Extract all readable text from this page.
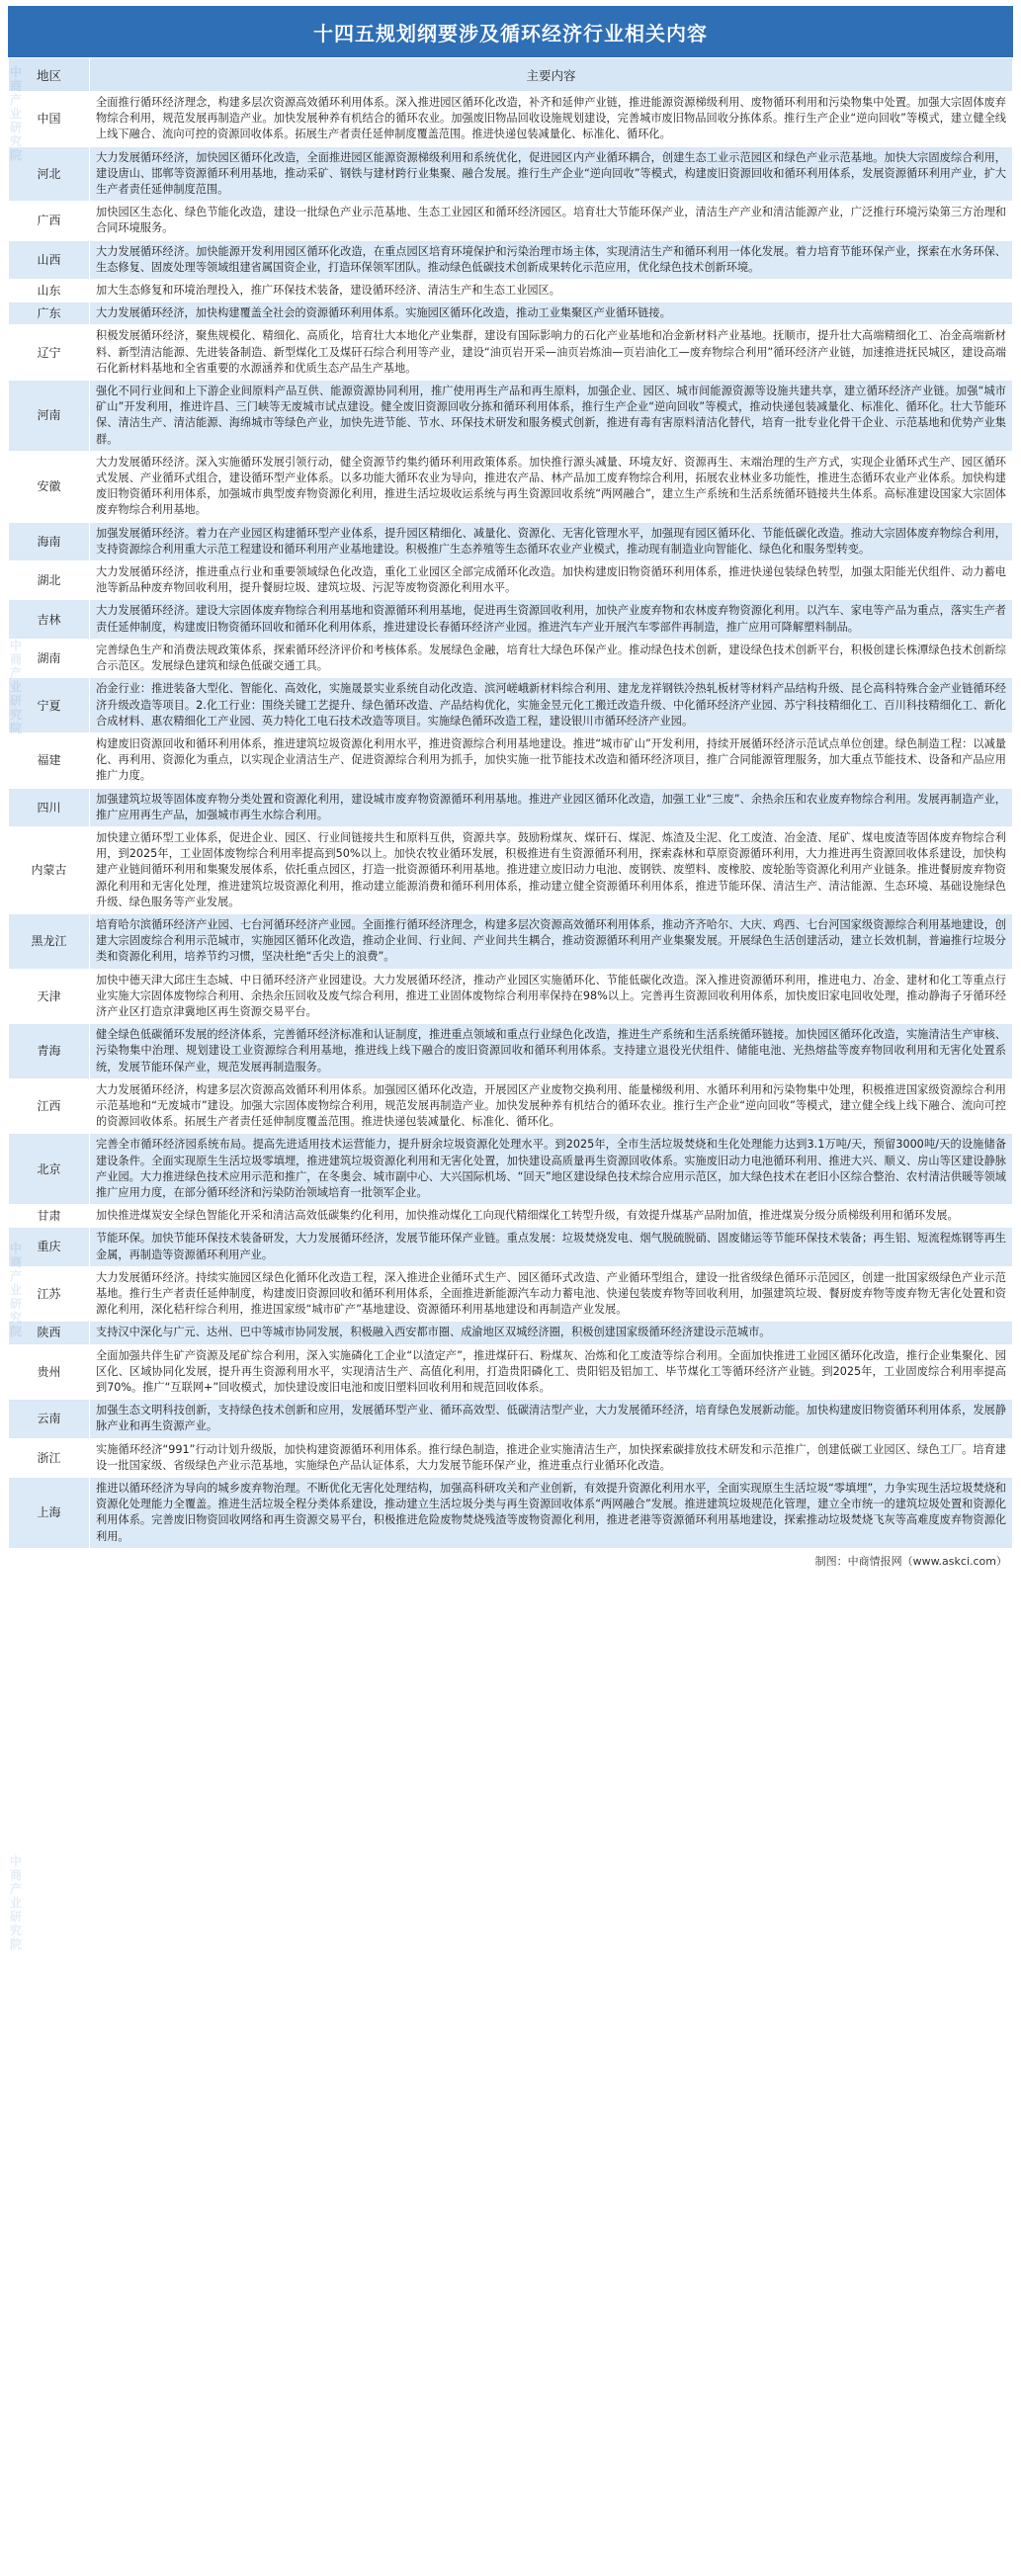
十四五规划纲要涉及循环经济行业相关内容
地区	主要内容
中国	全面推行循环经济理念，构建多层次资源高效循环利用体系。深入推进园区循环化改造，补齐和延伸产业链，推进能源资源梯级利用、废物循环利用和污染物集中处置。加强大宗固体废弃物综合利用，规范发展再制造产业。加快发展种养有机结合的循环农业。加强废旧物品回收设施规划建设，完善城市废旧物品回收分拣体系。推行生产企业“逆向回收”等模式，建立健全线上线下融合、流向可控的资源回收体系。拓展生产者责任延伸制度覆盖范围。推进快递包装减量化、标准化、循环化。
河北	大力发展循环经济，加快园区循环化改造，全面推进园区能源资源梯级利用和系统优化，促进园区内产业循环耦合，创建生态工业示范园区和绿色产业示范基地。加快大宗固废综合利用，建设唐山、邯郸等资源循环利用基地，推动采矿、钢铁与建材跨行业集聚、融合发展。推行生产企业“逆向回收”等模式，构建废旧资源回收和循环利用体系，发展资源循环利用产业，扩大生产者责任延伸制度范围。
广西	加快园区生态化、绿色节能化改造，建设一批绿色产业示范基地、生态工业园区和循环经济园区。培育壮大节能环保产业，清洁生产产业和清洁能源产业，广泛推行环境污染第三方治理和合同环境服务。
山西	大力发展循环经济。加快能源开发利用园区循环化改造，在重点园区培育环境保护和污染治理市场主体，实现清洁生产和循环利用一体化发展。着力培育节能环保产业，探索在水务环保、生态修复、固废处理等领域组建省属国资企业，打造环保领军团队。推动绿色低碳技术创新成果转化示范应用，优化绿色技术创新环境。
山东	加大生态修复和环境治理投入，推广环保技术装备，建设循环经济、清洁生产和生态工业园区。
广东	大力发展循环经济，加快构建覆盖全社会的资源循环利用体系。实施园区循环化改造，推动工业集聚区产业循环链接。
辽宁	积极发展循环经济，聚焦规模化、精细化、高质化，培育壮大本地化产业集群，建设有国际影响力的石化产业基地和冶金新材料产业基地。抚顺市，提升壮大高端精细化工、冶金高端新材料、新型清洁能源、先进装备制造、新型煤化工及煤矸石综合利用等产业，建设“油页岩开采—油页岩炼油—页岩油化工—废弃物综合利用”循环经济产业链，加速推进抚民城区，建设高端石化新材料基地和全省重要的水源涵养和优质生态产品生产基地。
河南	强化不同行业间和上下游企业间原料产品互供、能源资源协同利用，推广使用再生产品和再生原料，加强企业、园区、城市间能源资源等设施共建共享，建立循环经济产业链。加强“城市矿山”开发利用，推进许昌、三门峡等无废城市试点建设。健全废旧资源回收分拣和循环利用体系，推行生产企业“逆向回收”等模式，推动快递包装减量化、标准化、循环化。壮大节能环保、清洁生产、清洁能源、海绵城市等绿色产业，加快先进节能、节水、环保技术研发和服务模式创新，推进有毒有害原料清洁化替代，培育一批专业化骨干企业、示范基地和优势产业集群。
安徽	大力发展循环经济。深入实施循环发展引领行动，健全资源节约集约循环利用政策体系。加快推行源头减量、环境友好、资源再生、末端治理的生产方式，实现企业循环式生产、园区循环式发展、产业循环式组合，建设循环型产业体系。以多功能大循环农业为导向，推进农产品、林产品加工废弃物综合利用，拓展农业林业多功能性，推进生态循环农业产业体系。加快构建废旧物资循环利用体系，加强城市典型废弃物资源化利用，推进生活垃圾收运系统与再生资源回收系统“两网融合”，建立生产系统和生活系统循环链接共生体系。高标准建设国家大宗固体废弃物综合利用基地。
海南	加强发展循环经济。着力在产业园区构建循环型产业体系，提升园区精细化、减量化、资源化、无害化管理水平，加强现有园区循环化、节能低碳化改造。推动大宗固体废弃物综合利用，支持资源综合利用重大示范工程建设和循环利用产业基地建设。积极推广生态养殖等生态循环农业产业模式，推动现有制造业向智能化、绿色化和服务型转变。
湖北	大力发展循环经济，推进重点行业和重要领域绿色化改造，重化工业园区全部完成循环化改造。加快构建废旧物资循环利用体系，推进快递包装绿色转型，加强太阳能光伏组件、动力蓄电池等新品种废弃物回收利用，提升餐厨垃圾、建筑垃圾、污泥等废物资源化利用水平。
吉林	大力发展循环经济。建设大宗固体废弃物综合利用基地和资源循环利用基地，促进再生资源回收利用，加快产业废弃物和农林废弃物资源化利用。以汽车、家电等产品为重点，落实生产者责任延伸制度，构建废旧物资循环回收和循环化利用体系，推进建设长春循环经济产业园。推进汽车产业开展汽车零部件再制造，推广应用可降解塑料制品。
湖南	完善绿色生产和消费法规政策体系，探索循环经济评价和考核体系。发展绿色金融，培育壮大绿色环保产业。推动绿色技术创新，建设绿色技术创新平台，积极创建长株潭绿色技术创新综合示范区。发展绿色建筑和绿色低碳交通工具。
宁夏	冶金行业：推进装备大型化、智能化、高效化，实施晟景实业系统自动化改造、滨河嵯峨新材料综合利用、建龙龙祥钢铁冷热轧板材等材料产品结构升级、昆仑高科特殊合金产业链循环经济升级改造等项目。2.化工行业：围绕关键工艺提升、绿色循环改造、产品结构优化，实施金昱元化工搬迁改造升级、中化循环经济产业园、苏宁科技精细化工、百川科技精细化工、新化合成材料、惠农精细化工产业园、英力特化工电石技术改造等项目。实施绿色循环改造工程，建设银川市循环经济产业园。
福建	构建废旧资源回收和循环利用体系，推进建筑垃圾资源化利用水平，推进资源综合利用基地建设。推进“城市矿山”开发利用，持续开展循环经济示范试点单位创建。绿色制造工程：以减量化、再利用、资源化为重点，以实现企业清洁生产、促进资源综合利用为抓手，加快实施一批节能技术改造和循环经济项目，推广合同能源管理服务，加大重点节能技术、设备和产品应用推广力度。
四川	加强建筑垃圾等固体废弃物分类处置和资源化利用，建设城市废弃物资源循环利用基地。推进产业园区循环化改造，加强工业“三废”、余热余压和农业废弃物综合利用。发展再制造产业，推广应用再生产品，加强城市再生水综合利用。
内蒙古	加快建立循环型工业体系，促进企业、园区、行业间链接共生和原料互供，资源共享。鼓励粉煤灰、煤矸石、煤泥、炼渣及尘泥、化工废渣、冶金渣、尾矿、煤电废渣等固体废弃物综合利用，到2025年，工业固体废物综合利用率提高到50%以上。加快农牧业循环发展，积极推进有生资源循环利用，探索森林和草原资源循环利用，大力推进再生资源回收体系建设，加快构建产业链间循环利用和集聚发展体系，依托重点园区，打造一批资源循环利用基地。推进建立废旧动力电池、废钢铁、废塑料、废橡胶、废轮胎等资源化利用产业链条。推进餐厨废弃物资源化利用和无害化处理，推进建筑垃圾资源化利用，推动建立能源消费和循环利用体系，推动建立健全资源循环利用体系，推进节能环保、清洁生产、清洁能源、生态环境、基础设施绿色升级、绿色服务等产业发展。
黑龙江	培育哈尔滨循环经济产业园、七台河循环经济产业园。全面推行循环经济理念，构建多层次资源高效循环利用体系，推动齐齐哈尔、大庆、鸡西、七台河国家级资源综合利用基地建设，创建大宗固废综合利用示范城市，实施园区循环化改造，推动企业间、行业间、产业间共生耦合，推动资源循环利用产业集聚发展。开展绿色生活创建活动，建立长效机制，普遍推行垃圾分类和资源化利用，培养节约习惯，坚决杜绝“舌尖上的浪费”。
天津	加快中德天津大邱庄生态城、中日循环经济产业园建设。大力发展循环经济，推动产业园区实施循环化、节能低碳化改造。深入推进资源循环利用，推进电力、冶金、建材和化工等重点行业实施大宗固体废物综合利用、余热余压回收及废气综合利用，推进工业固体废物综合利用率保持在98%以上。完善再生资源回收利用体系，加快废旧家电回收处理，推动静海子牙循环经济产业区打造京津冀地区再生资源交易平台。
青海	健全绿色低碳循环发展的经济体系，完善循环经济标准和认证制度，推进重点领域和重点行业绿色化改造，推进生产系统和生活系统循环链接。加快园区循环化改造，实施清洁生产审核、污染物集中治理、规划建设工业资源综合利用基地，推进线上线下融合的废旧资源回收和循环利用体系。支持建立退役光伏组件、储能电池、光热熔盐等废弃物回收利用和无害化处置系统，发展节能环保产业，规范发展再制造服务。
江西	大力发展循环经济，构建多层次资源高效循环利用体系。加强园区循环化改造，开展园区产业废物交换利用、能量梯级利用、水循环利用和污染物集中处理，积极推进国家级资源综合利用示范基地和“无废城市”建设。加强大宗固体废物综合利用，规范发展再制造产业。加快发展种养有机结合的循环农业。推行生产企业“逆向回收”等模式，建立健全线上线下融合、流向可控的资源回收体系。拓展生产者责任延伸制度覆盖范围。推进快递包装减量化、标准化、循环化。
北京	完善全市循环经济园系统布局。提高先进适用技术运营能力，提升厨余垃圾资源化处理水平。到2025年，全市生活垃圾焚烧和生化处理能力达到3.1万吨/天，预留3000吨/天的设施储备建设条件。全面实现原生生活垃圾零填埋，推进建筑垃圾资源化利用和无害化处置，加快建设高质量再生资源回收体系。实施废旧动力电池循环利用、推进大兴、顺义、房山等区建设静脉产业园。大力推进绿色技术应用示范和推广，在冬奥会、城市副中心、大兴国际机场、“回天”地区建设绿色技术综合应用示范区，加大绿色技术在老旧小区综合整治、农村清洁供暖等领域推广应用力度，在部分循环经济和污染防治领域培育一批领军企业。
甘肃	加快推进煤炭安全绿色智能化开采和清洁高效低碳集约化利用，加快推动煤化工向现代精细煤化工转型升级，有效提升煤基产品附加值，推进煤炭分级分质梯级利用和循环发展。
重庆	节能环保。加快节能环保技术装备研发，大力发展循环经济，发展节能环保产业链。重点发展：垃圾焚烧发电、烟气脱硫脱硝、固废储运等节能环保技术装备；再生铝、短流程炼钢等再生金属，再制造等资源循环利用产业。
江苏	大力发展循环经济。持续实施园区绿色化循环化改造工程，深入推进企业循环式生产、园区循环式改造、产业循环型组合，建设一批省级绿色循环示范园区，创建一批国家级绿色产业示范基地。推行生产者责任延伸制度，构建废旧资源回收和循环利用体系，全面推进新能源汽车动力蓄电池、快递包装废弃物等回收利用，加强建筑垃圾、餐厨废弃物等废弃物无害化处置和资源化利用，深化秸秆综合利用，推进国家级“城市矿产”基地建设、资源循环利用基地建设和再制造产业发展。
陕西	支持汉中深化与广元、达州、巴中等城市协同发展，积极融入西安都市圈、成渝地区双城经济圈，积极创建国家级循环经济建设示范城市。
贵州	全面加强共伴生矿产资源及尾矿综合利用，深入实施磷化工企业“以渣定产”，推进煤矸石、粉煤灰、冶炼和化工废渣等综合利用。全面加快推进工业园区循环化改造，推行企业集聚化、园区化、区域协同化发展，提升再生资源利用水平，实现清洁生产、高值化利用，打造贵阳磷化工、贵阳铝及铝加工、毕节煤化工等循环经济产业链。到2025年，工业固废综合利用率提高到70%。推广“互联网+”回收模式，加快建设废旧电池和废旧塑料回收利用和规范回收体系。
云南	加强生态文明科技创新，支持绿色技术创新和应用，发展循环型产业、循环高效型、低碳清洁型产业，大力发展循环经济，培育绿色发展新动能。加快构建废旧物资循环利用体系，发展静脉产业和再生资源产业。
浙江	实施循环经济“991”行动计划升级版，加快构建资源循环利用体系。推行绿色制造，推进企业实施清洁生产，加快探索碳排放技术研发和示范推广，创建低碳工业园区、绿色工厂。培育建设一批国家级、省级绿色产业示范基地，实施绿色产品认证体系，大力发展节能环保产业，推进重点行业循环化改造。
上海	推进以循环经济为导向的城乡废弃物治理。不断优化无害化处理结构，加强高科研攻关和产业创新，有效提升资源化利用水平，全面实现原生生活垃圾“零填埋”，力争实现生活垃圾焚烧和资源化处理能力全覆盖。推进生活垃圾全程分类体系建设，推动建立生活垃圾分类与再生资源回收体系“两网融合”发展。推进建筑垃圾规范化管理，建立全市统一的建筑垃圾处置和资源化利用体系。完善废旧物资回收网络和再生资源交易平台，积极推进危险废物焚烧残渣等废物资源化利用，推进老港等资源循环利用基地建设，探索推动垃圾焚烧飞灰等高难度废弃物资源化利用。
制图：中商情报网（www.askci.com）
中商产业研究院
